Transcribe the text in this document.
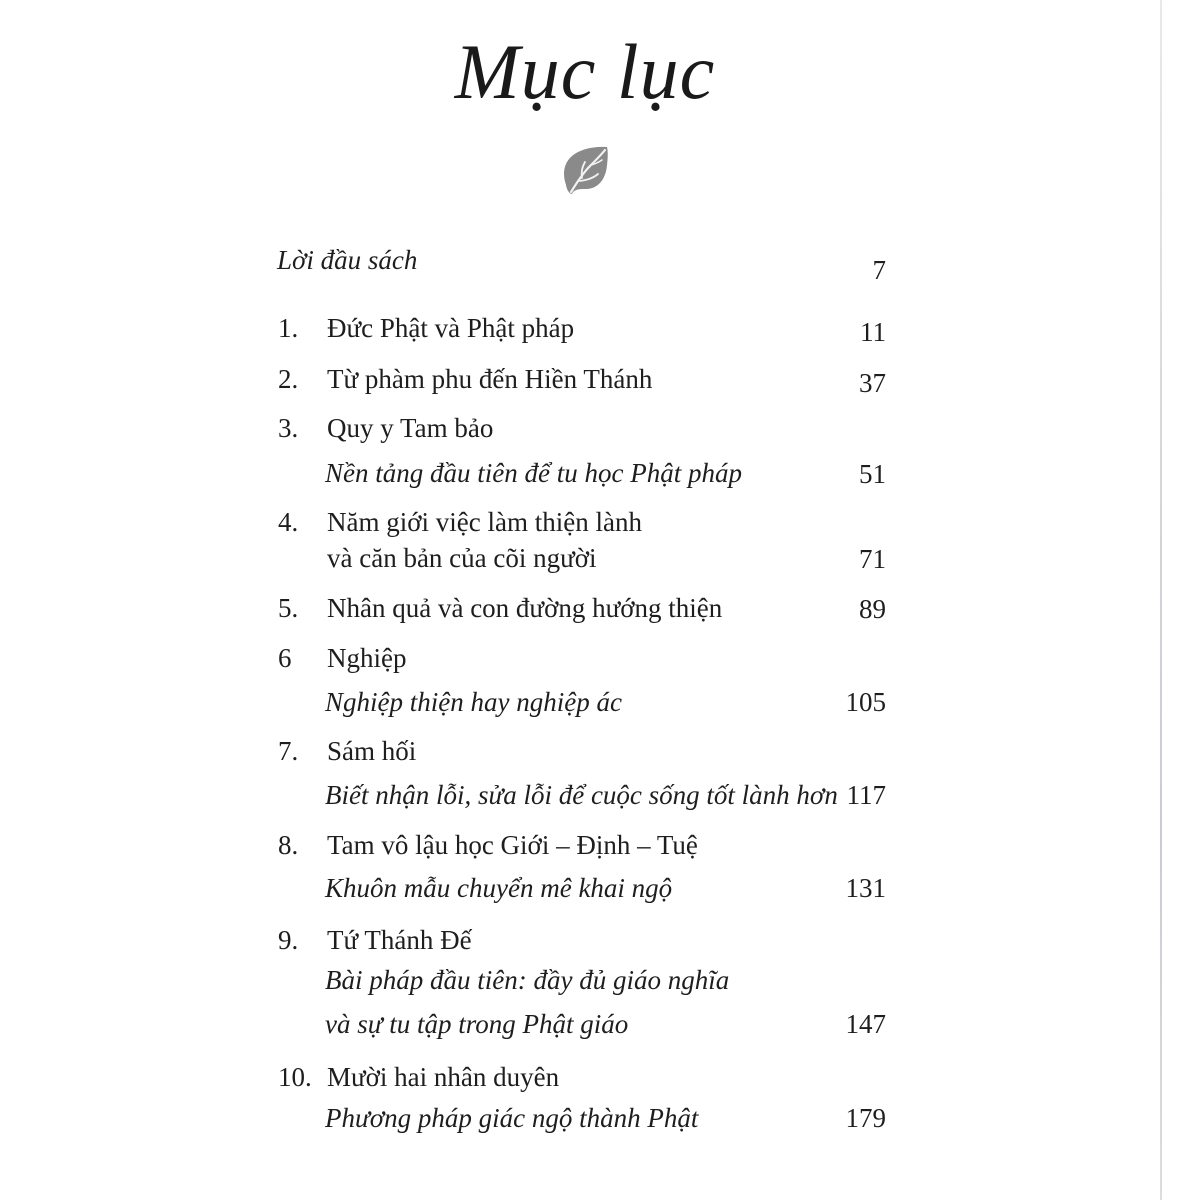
Mục lục
Lời đầu sách	7
1. Đức Phật và Phật pháp	11
2. Từ phàm phu đến Hiền Thánh	37
3. Quy y Tam bảo
Nền tảng đầu tiên để tu học Phật pháp	51
4. Năm giới việc làm thiện lành
và căn bản của cõi người	71
5. Nhân quả và con đường hướng thiện	89
6 Nghiệp
Nghiệp thiện hay nghiệp ác	105
7. Sám hối
Biết nhận lỗi, sửa lỗi để cuộc sống tốt lành hơn 117
8. Tam vô lậu học Giới – Định – Tuệ
Khuôn mẫu chuyển mê khai ngộ	131
9. Tứ Thánh Đế
Bài pháp đầu tiên: đầy đủ giáo nghĩa
và sự tu tập trong Phật giáo	147
10. Mười hai nhân duyên
Phương pháp giác ngộ thành Phật	179
